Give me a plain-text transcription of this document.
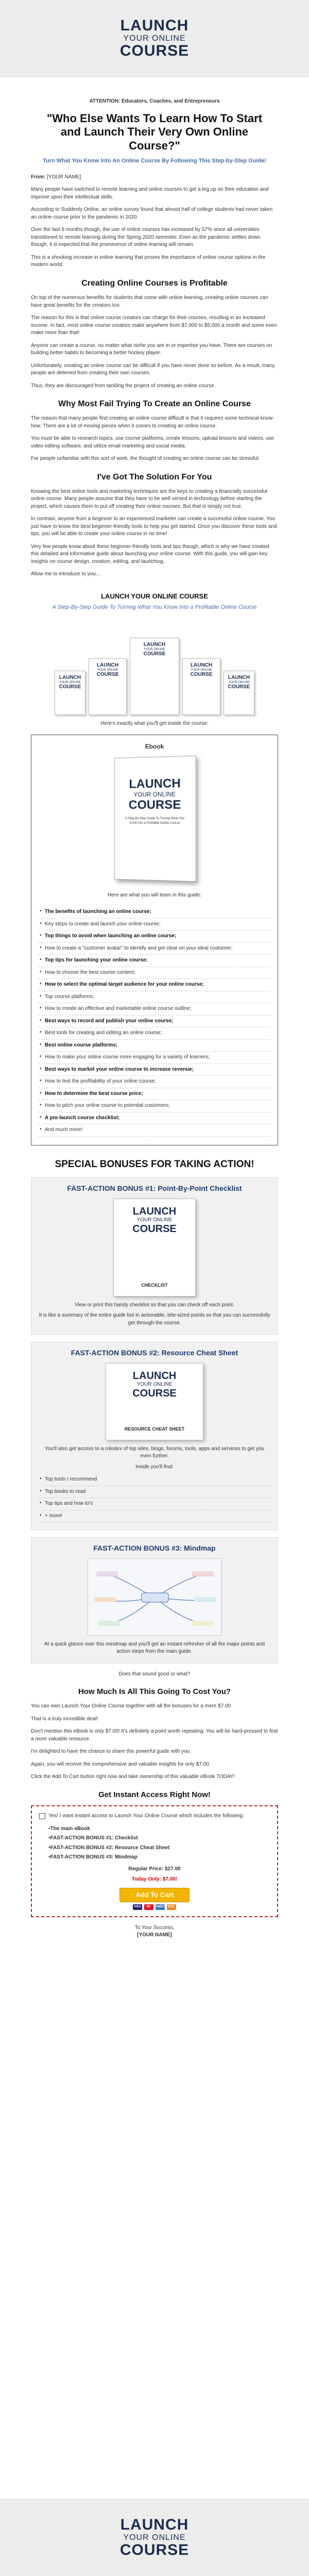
LAUNCH
YOUR ONLINE
COURSE
ATTENTION: Educators, Coaches, and Entrepreneurs
"Who Else Wants To Learn How To Start and Launch Their Very Own Online Course?"
Turn What You Know Into An Online Course By Following This Step-by-Step Guide!

From: [YOUR NAME]

Many people have switched to remote learning and online courses to get a leg up on their education and improve upon their intellectual skills.

According to Suddenly Online, an online survey found that almost half of college students had never taken an online course prior to the pandemic in 2020.

Over the last 6 months though, the use of online courses has increased by 57% since all universities transitioned to remote learning during the Spring 2020 semester. Even as the pandemic settles down though, it is expected that the prominence of online learning will remain.

This is a shocking increase in online learning that proves the importance of online course options in the modern world.

Creating Online Courses is Profitable

On top of the numerous benefits for students that come with online learning, creating online courses can have great benefits for the creators too.

The reason for this is that online course creators can charge for their courses, resulting in an increased income. In fact, most online course creators make anywhere from $7,000 to $5,000 a month and some even make more than that!

Anyone can create a course, no matter what niche you are in or expertise you have. There are courses on building better habits to becoming a better hockey player.

Unfortunately, creating an online course can be difficult if you have never done so before. As a result, many people are deterred from creating their own courses.

Thus, they are discouraged from tackling the project of creating an online course.

Why Most Fail Trying To Create an Online Course

The reason that many people find creating an online course difficult is that it requires some technical know-how. There are a lot of moving pieces when it comes to creating an online course.

You must be able to research topics, use course platforms, create lessons, upload lessons and videos, use video editing software, and utilize email marketing and social media.

For people unfamiliar with this sort of work, the thought of creating an online course can be stressful.

I've Got The Solution For You

Knowing the best online tools and marketing techniques are the keys to creating a financially successful online course. Many people assume that they have to be well versed in technology before starting the project, which causes them to put off creating their online courses. But that is simply not true.

In contrast, anyone from a beginner to an experienced marketer can create a successful online course. You just have to know the best beginner-friendly tools to help you get started. Once you discover these tools and tips, you will be able to create your online course in no time!

Very few people know about these beginner-friendly tools and tips though, which is why we have created this detailed and informative guide about launching your online course. With this guide, you will gain key insights on course design, creation, editing, and launching.

Allow me to introduce to you...

LAUNCH YOUR ONLINE COURSE
A Step-By-Step Guide To Turning What You Know Into a Profitable Online Course
LAUNCH
YOUR ONLINE
COURSE
LAUNCH
YOUR ONLINE
COURSE
LAUNCH
YOUR ONLINE
COURSE
LAUNCH
YOUR ONLINE
COURSE	LAUNCH
YOUR ONLINE
COURSE
Here's exactly what you'll get inside the course:
Ebook
LAUNCH
YOUR ONLINE
COURSE
A Step-By-Step Guide To Turning What You Know Into a Profitable Online Course
Here are what you will learn in this guide:
• The benefits of launching an online course;
• Key steps to create and launch your online course;
• Top things to avoid when launching an online course;
• How to create a "customer avatar" to identify and get clear on your ideal customer;
• Top tips for launching your online course;
• How to choose the best course content;
• How to select the optimal target audience for your online course;
• Top course platforms;
• How to create an effective and marketable online course outline;
• Best ways to record and publish your online course;
• Best tools for creating and editing an online course;
• Best online course platforms;
• How to make your online course more engaging for a variety of learners;
• Best ways to market your online course to increase revenue;
• How to test the profitability of your online course;
• How to determine the best course price;
• How to pitch your online course to potential customers;
• A pre-launch course checklist;
• And much more!
SPECIAL BONUSES FOR TAKING ACTION!
FAST-ACTION BONUS #1: Point-By-Point Checklist
LAUNCH
YOUR ONLINE
COURSE
CHECKLIST
View or print this handy checklist so that you can check off each point.
It is like a summary of the entire guide but in actionable, bite-sized points so that you can successfully get through the course.
FAST-ACTION BONUS #2: Resource Cheat Sheet
LAUNCH
YOUR ONLINE
COURSE
RESOURCE CHEAT SHEET
You'll also get access to a rolodex of top sites, blogs, forums, tools, apps and services to get you even further.
Inside you'll find:
• Top tools I recommend
• Top books to read
• Top tips and how to's
• + more!
FAST-ACTION BONUS #3: Mindmap
At a quick glance over this mindmap and you'll get an instant refresher of all the major points and action steps from the main guide.
Does that sound good or what?
How Much Is All This Going To Cost You?

You can own Launch Your Online Course together with all the bonuses for a mere $7.00

That is a truly incredible deal!

Don't mention this eBook is only $7.00! It's definitely a point worth repeating. You will be hard-pressed to find a more valuable resource.

I'm delighted to have the chance to share this powerful guide with you.

Again, you will receive the comprehensive and valuable insights for only $7.00.

Click the Add To Cart button right now and take ownership of this valuable eBook TODAY!

Get Instant Access Right Now!
Yes! I want instant access to Launch Your Online Course which includes the following:
• The main eBook
• FAST-ACTION BONUS #1: Checklist
• FAST-ACTION BONUS #2: Resource Cheat Sheet
• FAST-ACTION BONUS #3: Mindmap
Regular Price: $27.00
Today Only: $7.00!
Add To Cart
VISA	MC	AMEX	DISC
To Your Success,
[YOUR NAME]
LAUNCH
YOUR ONLINE
COURSE
